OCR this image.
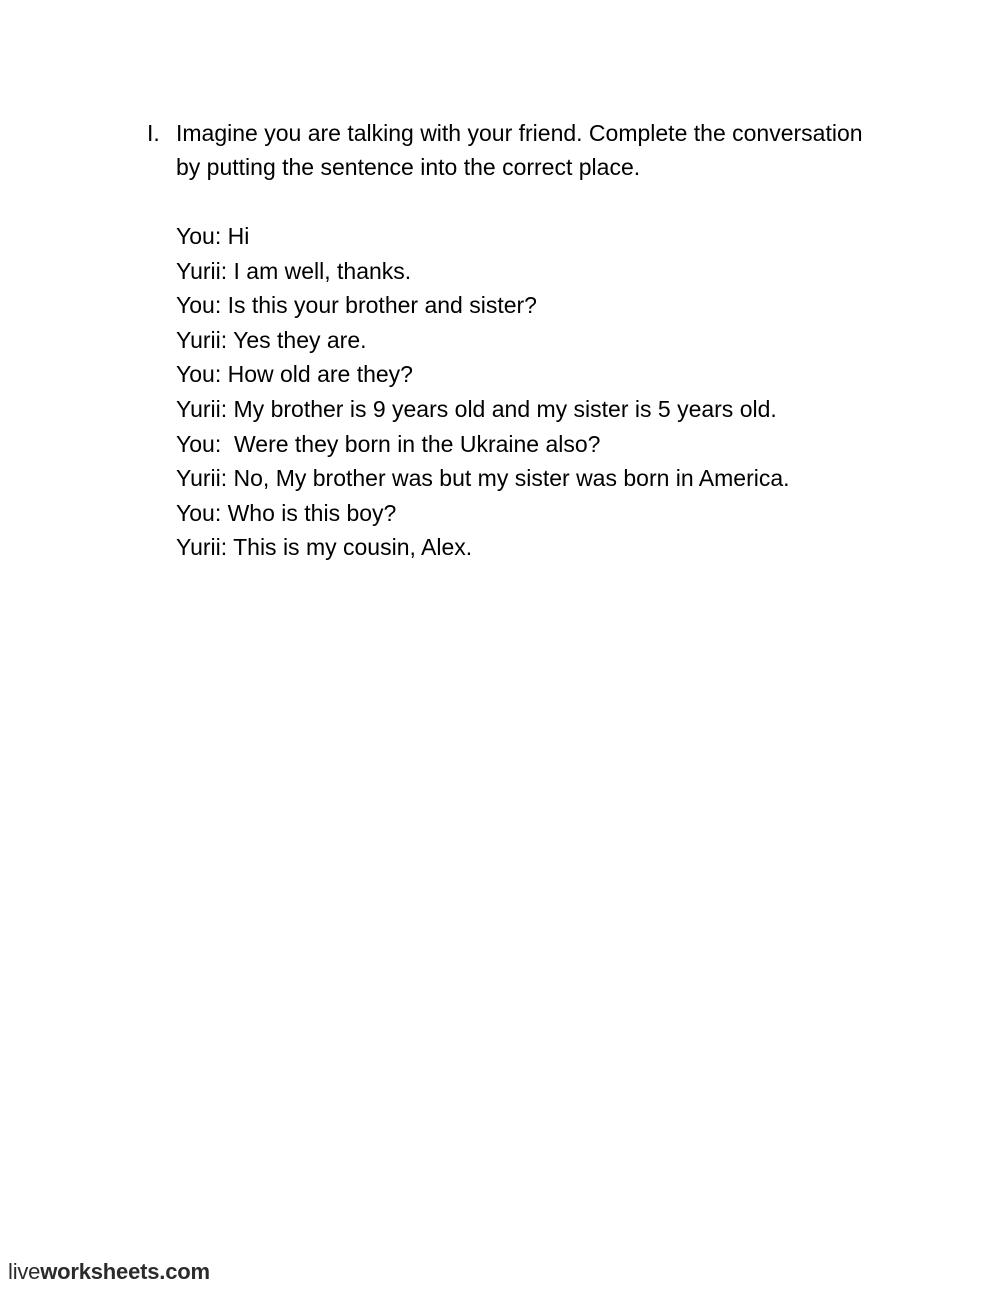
I. Imagine you are talking with your friend. Complete the conversation by putting the sentence into the correct place.
You: Hi
Yurii: I am well, thanks.
You: Is this your brother and sister?
Yurii: Yes they are.
You: How old are they?
Yurii: My brother is 9 years old and my sister is 5 years old.
You:  Were they born in the Ukraine also?
Yurii: No, My brother was but my sister was born in America.
You: Who is this boy?
Yurii: This is my cousin, Alex.
liveworksheets.com
